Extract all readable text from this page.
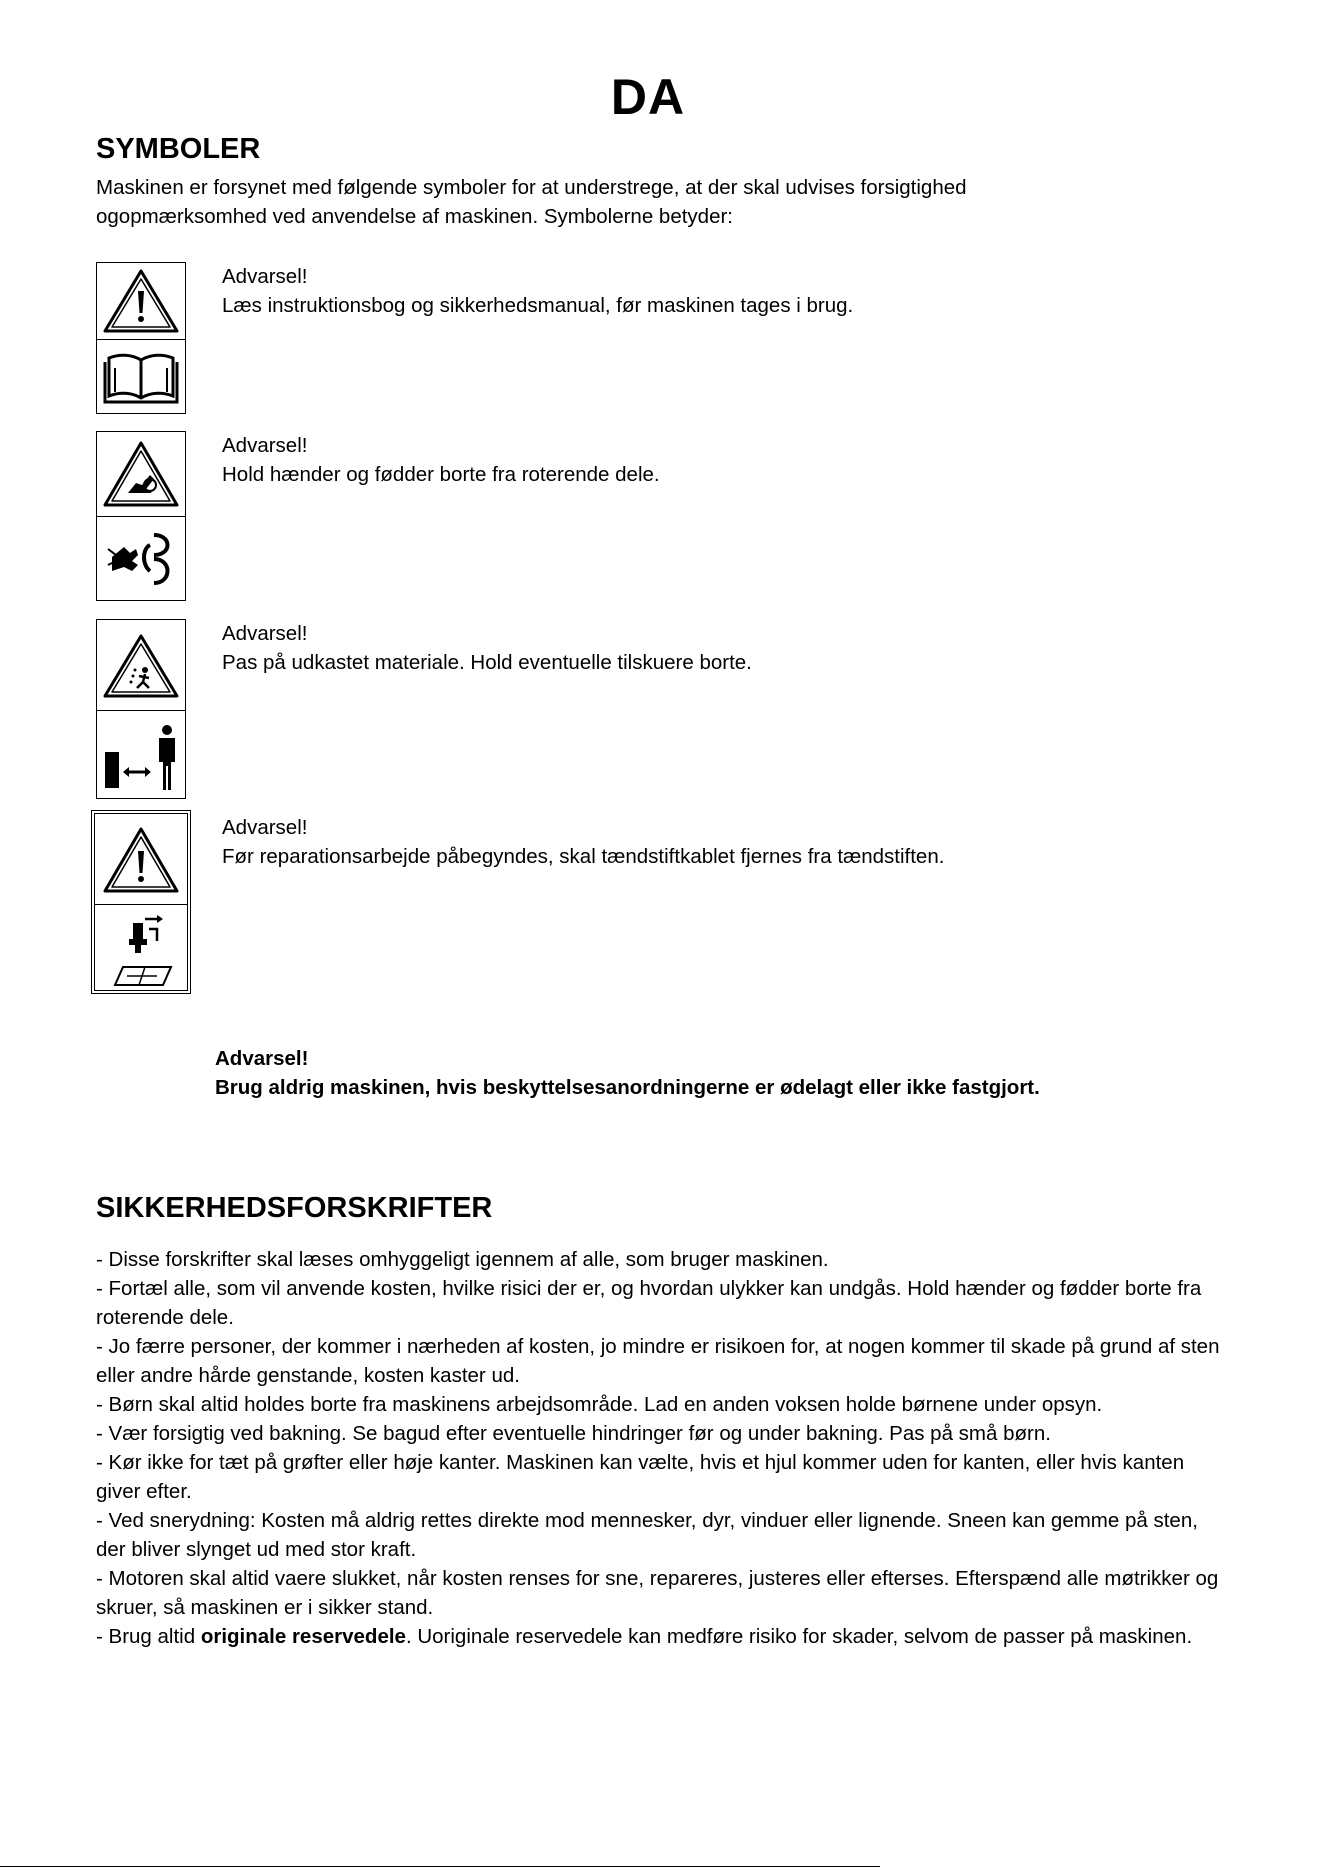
DA
SYMBOLER
Maskinen er forsynet med følgende symboler for at understrege, at der skal udvises forsigtighed ogopmærksomhed ved anvendelse af maskinen. Symbolerne betyder:
Advarsel!
Læs instruktionsbog og sikkerhedsmanual, før maskinen tages i brug.
Advarsel!
Hold hænder og fødder borte fra roterende dele.
Advarsel!
Pas på udkastet materiale. Hold eventuelle tilskuere borte.
Advarsel!
Før reparationsarbejde påbegyndes, skal tændstiftkablet fjernes fra tændstiften.
Advarsel!
Brug aldrig maskinen, hvis beskyttelsesanordningerne er ødelagt eller ikke fastgjort.
SIKKERHEDSFORSKRIFTER

- Disse forskrifter skal læses omhyggeligt igennem af alle, som bruger maskinen.

- Fortæl alle, som vil anvende kosten, hvilke risici der er, og hvordan ulykker kan undgås. Hold hænder og fødder borte fra roterende dele.

- Jo færre personer, der kommer i nærheden af kosten, jo mindre er risikoen for, at nogen kommer til skade på grund af sten eller andre hårde genstande, kosten kaster ud.

- Børn skal altid holdes borte fra maskinens arbejdsområde. Lad en anden voksen holde børnene under opsyn.

- Vær forsigtig ved bakning. Se bagud efter eventuelle hindringer før og under bakning. Pas på små børn.

- Kør ikke for tæt på grøfter eller høje kanter. Maskinen kan vælte, hvis et hjul kommer uden for kanten, eller hvis kanten giver efter.

- Ved snerydning: Kosten må aldrig rettes direkte mod mennesker, dyr, vinduer eller lignende. Sneen kan gemme på sten, der bliver slynget ud med stor kraft.

- Motoren skal altid vaere slukket, når kosten renses for sne, repareres, justeres eller efterses. Efterspænd alle møtrikker og skruer, så maskinen er i sikker stand.

- Brug altid originale reservedele. Uoriginale reservedele kan medføre risiko for skader, selvom de passer på maskinen.
